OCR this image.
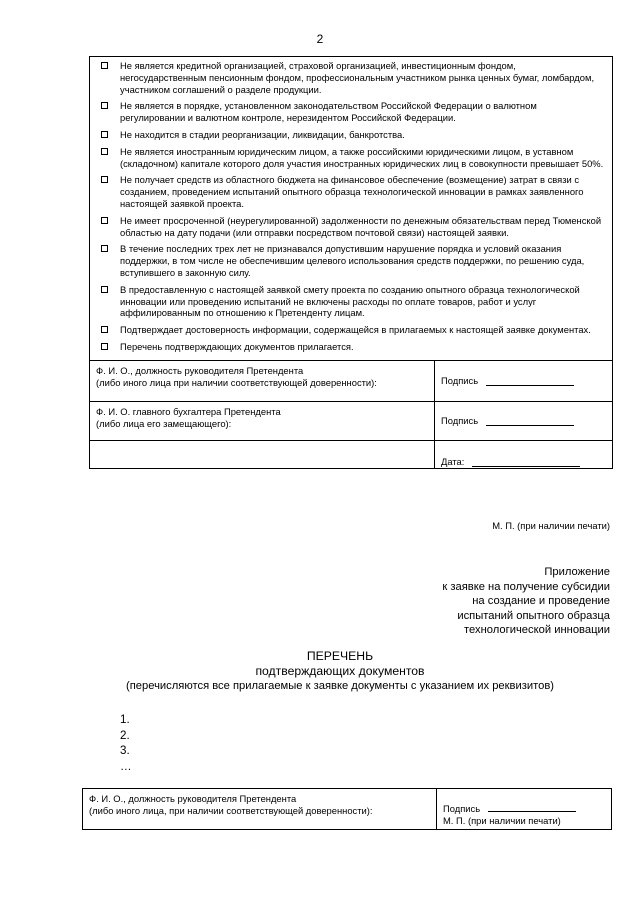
2
Не является кредитной организацией, страховой организацией, инвестиционным фондом, негосударственным пенсионным фондом, профессиональным участником рынка ценных бумаг, ломбардом, участником соглашений о разделе продукции.
Не является в порядке, установленном законодательством Российской Федерации о валютном регулировании и валютном контроле, нерезидентом Российской Федерации.
Не находится в стадии реорганизации, ликвидации, банкротства.
Не является иностранным юридическим лицом, а также российскими юридическими лицом, в уставном (складочном) капитале которого доля участия иностранных юридических лиц в совокупности превышает 50%.
Не получает средств из областного бюджета на финансовое обеспечение (возмещение) затрат в связи с созданием, проведением испытаний опытного образца технологической инновации в рамках заявленного настоящей заявкой проекта.
Не имеет просроченной (неурегулированной) задолженности по денежным обязательствам перед Тюменской областью на дату подачи (или отправки посредством почтовой связи) настоящей заявки.
В течение последних трех лет не признавался допустившим нарушение порядка и условий оказания поддержки, в том числе не обеспечившим целевого использования средств поддержки, по решению суда, вступившего в законную силу.
В предоставленную с настоящей заявкой смету проекта по созданию опытного образца технологической инновации или проведению испытаний не включены расходы по оплате товаров, работ и услуг аффилированным по отношению к Претенденту лицам.
Подтверждает достоверность информации, содержащейся в прилагаемых к настоящей заявке документах.
Перечень подтверждающих документов прилагается.
Ф. И. О., должность руководителя Претендента
(либо иного лица при наличии соответствующей доверенности):	Подпись
Ф. И. О. главного бухгалтера Претендента
(либо лица его замещающего):	Подпись
Дата:
М. П. (при наличии печати)
Приложение
к заявке на получение субсидии
на создание и проведение
испытаний опытного образца
технологической инновации
ПЕРЕЧЕНЬ
подтверждающих документов
(перечисляются все прилагаемые к заявке документы с указанием их реквизитов)
1.
2.
3.
…
Ф. И. О., должность руководителя Претендента
(либо иного лица, при наличии соответствующей доверенности):	Подпись
М. П. (при наличии печати)
